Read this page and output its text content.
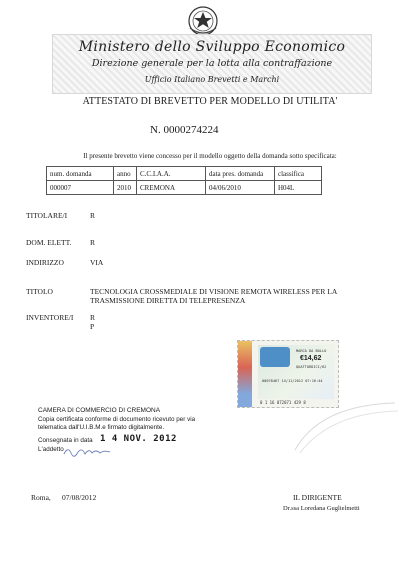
Ministero dello Sviluppo Economico
Direzione generale per la lotta alla contraffazione
Ufficio Italiano Brevetti e Marchi
ATTESTATO DI BREVETTO PER MODELLO DI UTILITA'
N. 0000274224
Il presente brevetto viene concesso per il modello oggetto della domanda sotto specificata:
num. domanda	anno	C.C.I.A.A.	data pres. domanda	classifica
000007	2010	CREMONA	04/06/2010	H04L
TITOLARE/I	R
DOM. ELETT. R
INDIRIZZO	VIA
TITOLO	TECNOLOGIA CROSSMEDIALE DI VISIONE REMOTA WIRELESS PER LA TRASMISSIONE DIRETTA DI TELEPRESENZA
INVENTORE/I R
P
MARCA DA BOLLO
€14,62
QUATTORDICI/62
00078467 14/11/2012 07:16:44
0 1 16 072071 429 8
CAMERA DI COMMERCIO DI CREMONA
Copia certificata conforme di documento ricevuto per via telematica dall'U.I.B.M.e firmato digitalmente.
Consegnata in data 1 4 NOV. 2012
L'addetto
Roma,      07/08/2012	IL DIRIGENTE
Dr.ssa Loredana Guglielmetti
